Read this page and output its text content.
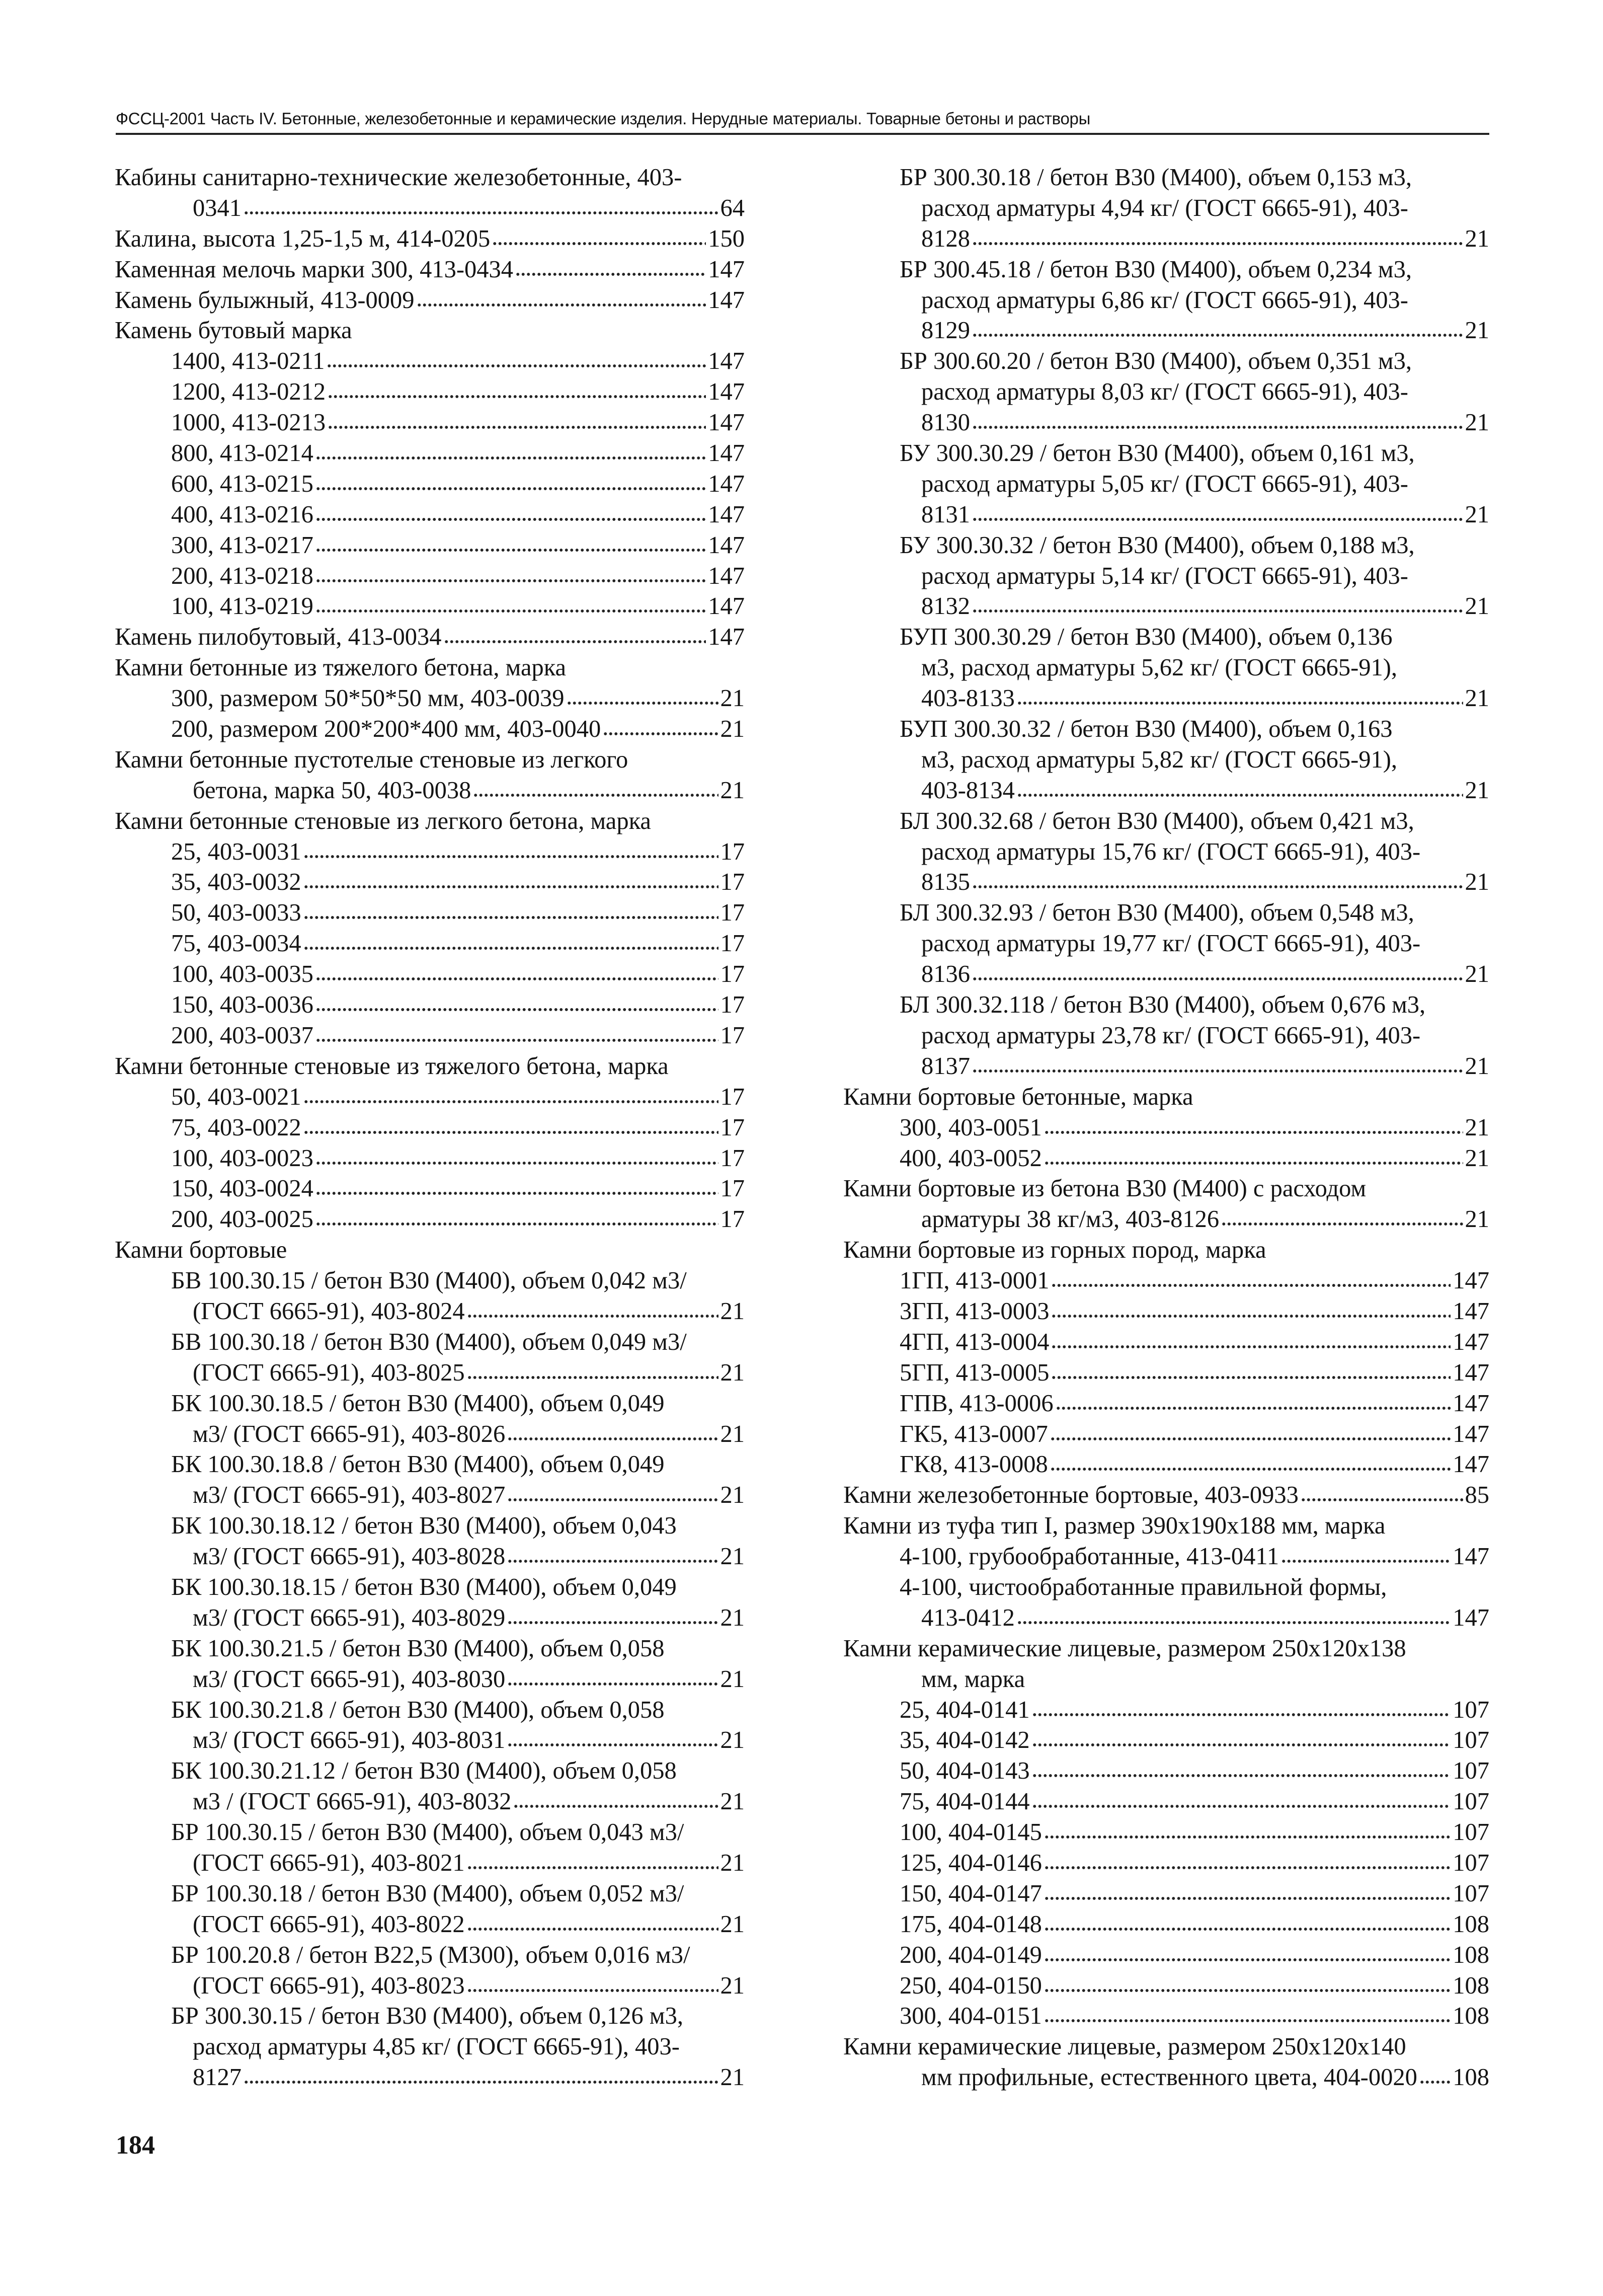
ФССЦ-2001 Часть IV. Бетонные, железобетонные и керамические изделия. Нерудные материалы. Товарные бетоны и растворы
Кабины санитарно-технические железобетонные, 403-
0341	64
Калина, высота 1,25-1,5 м, 414-0205	150
Каменная мелочь марки 300, 413-0434	147
Камень булыжный, 413-0009	147
Камень бутовый марка
1400, 413-0211	147
1200, 413-0212	147
1000, 413-0213	147
800, 413-0214	147
600, 413-0215	147
400, 413-0216	147
300, 413-0217	147
200, 413-0218	147
100, 413-0219	147
Камень пилобутовый, 413-0034	147
Камни бетонные из тяжелого бетона, марка
300, размером 50*50*50 мм, 403-0039	21
200, размером 200*200*400 мм, 403-0040	21
Камни бетонные пустотелые стеновые из легкого
бетона, марка 50, 403-0038	21
Камни бетонные стеновые из легкого бетона, марка
25, 403-0031	17
35, 403-0032	17
50, 403-0033	17
75, 403-0034	17
100, 403-0035	17
150, 403-0036	17
200, 403-0037	17
Камни бетонные стеновые из тяжелого бетона, марка
50, 403-0021	17
75, 403-0022	17
100, 403-0023	17
150, 403-0024	17
200, 403-0025	17
Камни бортовые
БВ 100.30.15 / бетон В30 (М400), объем 0,042 м3/
(ГОСТ 6665-91), 403-8024	21
БВ 100.30.18 / бетон В30 (М400), объем 0,049 м3/
(ГОСТ 6665-91), 403-8025	21
БК 100.30.18.5 / бетон В30 (М400), объем 0,049
м3/ (ГОСТ 6665-91), 403-8026	21
БК 100.30.18.8 / бетон В30 (М400), объем 0,049
м3/ (ГОСТ 6665-91), 403-8027	21
БК 100.30.18.12 / бетон В30 (М400), объем 0,043
м3/ (ГОСТ 6665-91), 403-8028	21
БК 100.30.18.15 / бетон В30 (М400), объем 0,049
м3/ (ГОСТ 6665-91), 403-8029	21
БК 100.30.21.5 / бетон В30 (М400), объем 0,058
м3/ (ГОСТ 6665-91), 403-8030	21
БК 100.30.21.8 / бетон В30 (М400), объем 0,058
м3/ (ГОСТ 6665-91), 403-8031	21
БК 100.30.21.12 / бетон В30 (М400), объем 0,058
м3 / (ГОСТ 6665-91), 403-8032	21
БР 100.30.15 / бетон В30 (М400), объем 0,043 м3/
(ГОСТ 6665-91), 403-8021	21
БР 100.30.18 / бетон В30 (М400), объем 0,052 м3/
(ГОСТ 6665-91), 403-8022	21
БР 100.20.8 / бетон В22,5 (М300), объем 0,016 м3/
(ГОСТ 6665-91), 403-8023	21
БР 300.30.15 / бетон В30 (М400), объем 0,126 м3,
расход арматуры 4,85 кг/ (ГОСТ 6665-91), 403-
8127	21
БР 300.30.18 / бетон В30 (М400), объем 0,153 м3,
расход арматуры 4,94 кг/ (ГОСТ 6665-91), 403-
8128	21
БР 300.45.18 / бетон В30 (М400), объем 0,234 м3,
расход арматуры 6,86 кг/ (ГОСТ 6665-91), 403-
8129	21
БР 300.60.20 / бетон В30 (М400), объем 0,351 м3,
расход арматуры 8,03 кг/ (ГОСТ 6665-91), 403-
8130	21
БУ 300.30.29 / бетон В30 (М400), объем 0,161 м3,
расход арматуры 5,05 кг/ (ГОСТ 6665-91), 403-
8131	21
БУ 300.30.32 / бетон В30 (М400), объем 0,188 м3,
расход арматуры 5,14 кг/ (ГОСТ 6665-91), 403-
8132	21
БУП 300.30.29 / бетон В30 (М400), объем 0,136
м3, расход арматуры 5,62 кг/ (ГОСТ 6665-91),
403-8133	21
БУП 300.30.32 / бетон В30 (М400), объем 0,163
м3, расход арматуры 5,82 кг/ (ГОСТ 6665-91),
403-8134	21
БЛ 300.32.68 / бетон В30 (М400), объем 0,421 м3,
расход арматуры 15,76 кг/ (ГОСТ 6665-91), 403-
8135	21
БЛ 300.32.93 / бетон В30 (М400), объем 0,548 м3,
расход арматуры 19,77 кг/ (ГОСТ 6665-91), 403-
8136	21
БЛ 300.32.118 / бетон В30 (М400), объем 0,676 м3,
расход арматуры 23,78 кг/ (ГОСТ 6665-91), 403-
8137	21
Камни бортовые бетонные, марка
300, 403-0051	21
400, 403-0052	21
Камни бортовые из бетона В30 (М400) с расходом
арматуры 38 кг/м3, 403-8126	21
Камни бортовые из горных пород, марка
1ГП, 413-0001	147
3ГП, 413-0003	147
4ГП, 413-0004	147
5ГП, 413-0005	147
ГПВ, 413-0006	147
ГК5, 413-0007	147
ГК8, 413-0008	147
Камни железобетонные бортовые, 403-0933	85
Камни из туфа тип I, размер 390x190x188 мм, марка
4-100, грубообработанные, 413-0411	147
4-100, чистообработанные правильной формы,
413-0412	147
Камни керамические лицевые, размером 250x120x138
мм, марка
25, 404-0141	107
35, 404-0142	107
50, 404-0143	107
75, 404-0144	107
100, 404-0145	107
125, 404-0146	107
150, 404-0147	107
175, 404-0148	108
200, 404-0149	108
250, 404-0150	108
300, 404-0151	108
Камни керамические лицевые, размером 250x120x140
мм профильные, естественного цвета, 404-0020 108
184
